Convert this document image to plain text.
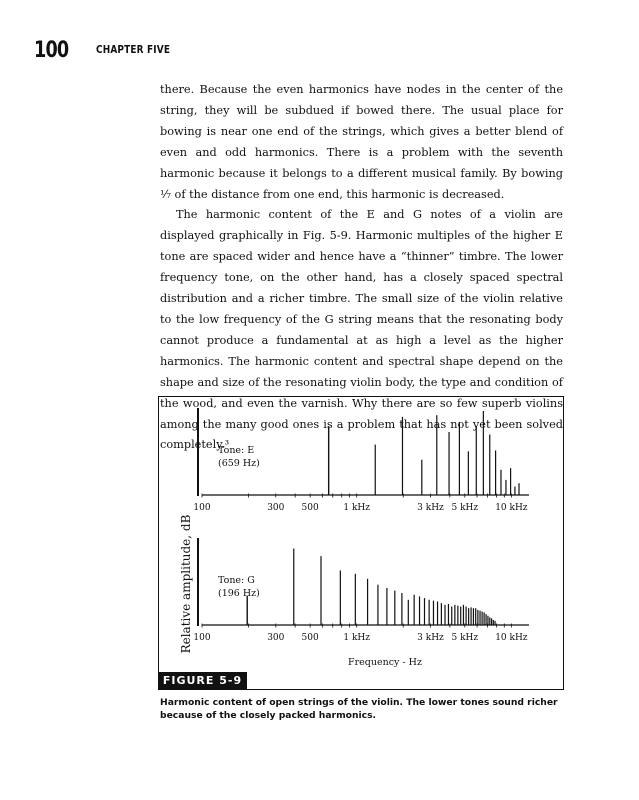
100	CHAPTER FIVE

there. Because the even harmonics have nodes in the center of the string, they will be subdued if bowed there. The usual place for bowing is near one end of the strings, which gives a better blend of even and odd harmonics. There is a problem with the seventh harmonic because it belongs to a different musical family. By bowing ¹⁄₇ of the distance from one end, this harmonic is decreased.

The harmonic content of the E and G notes of a violin are displayed graphically in Fig. 5-9. Harmonic multiples of the higher E tone are spaced wider and hence have a “thinner” timbre. The lower frequency tone, on the other hand, has a closely spaced spectral distribution and a richer timbre. The small size of the violin relative to the low frequency of the G string means that the resonating body cannot produce a fundamental at as high a level as the higher harmonics. The harmonic content and spectral shape depend on the shape and size of the resonating violin body, the type and condition of the wood, and even the varnish. Why there are so few superb violins among the many good ones is a problem that has not yet been solved completely.³

Relative amplitude, dB
Frequency - Hz
100	300 500	1 kHz	3 kHz 5 kHz 10 kHz
Tone: E
(659 Hz)
100	300 500	1 kHz	3 kHz 5 kHz 10 kHz
Tone: G
(196 Hz)
FIGURE 5-9
Harmonic content of open strings of the violin. The lower tones sound richer because of the closely packed harmonics.
